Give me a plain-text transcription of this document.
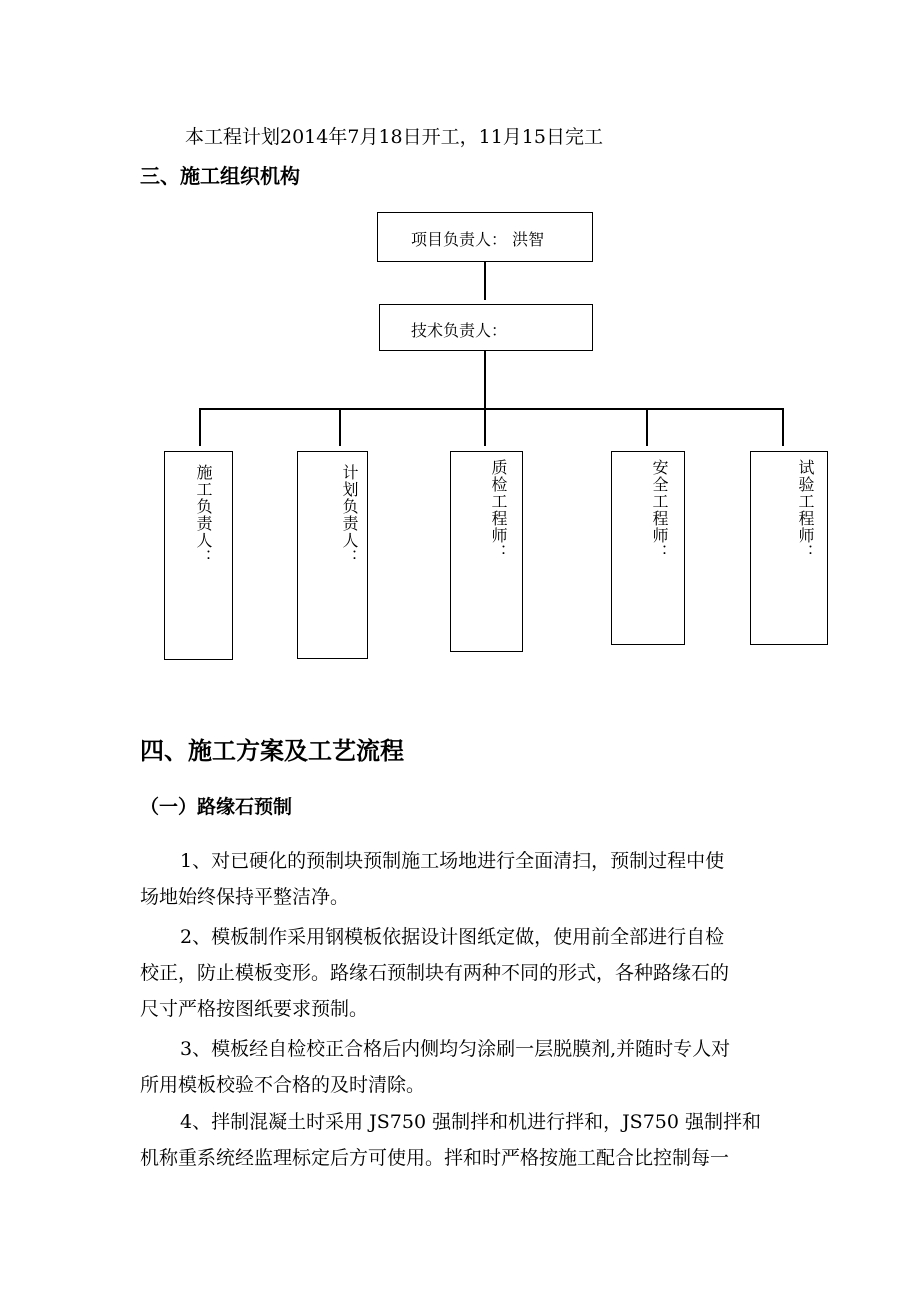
本工程计划2014年7月18日开工，11月15日完工
三、施工组织机构
项目负责人： 洪智
技术负责人：
施工负责人：	计划负责人：	质检工程师：	安全工程师：	试验工程师：
四、施工方案及工艺流程
（一）路缘石预制
1、对已硬化的预制块预制施工场地进行全面清扫，预制过程中使
场地始终保持平整洁净。
2、模板制作采用钢模板依据设计图纸定做，使用前全部进行自检
校正，防止模板变形。路缘石预制块有两种不同的形式，各种路缘石的
尺寸严格按图纸要求预制。
3、模板经自检校正合格后内侧均匀涂刷一层脱膜剂,并随时专人对
所用模板校验不合格的及时清除。
4、拌制混凝土时采用 JS750 强制拌和机进行拌和，JS750 强制拌和
机称重系统经监理标定后方可使用。拌和时严格按施工配合比控制每一
